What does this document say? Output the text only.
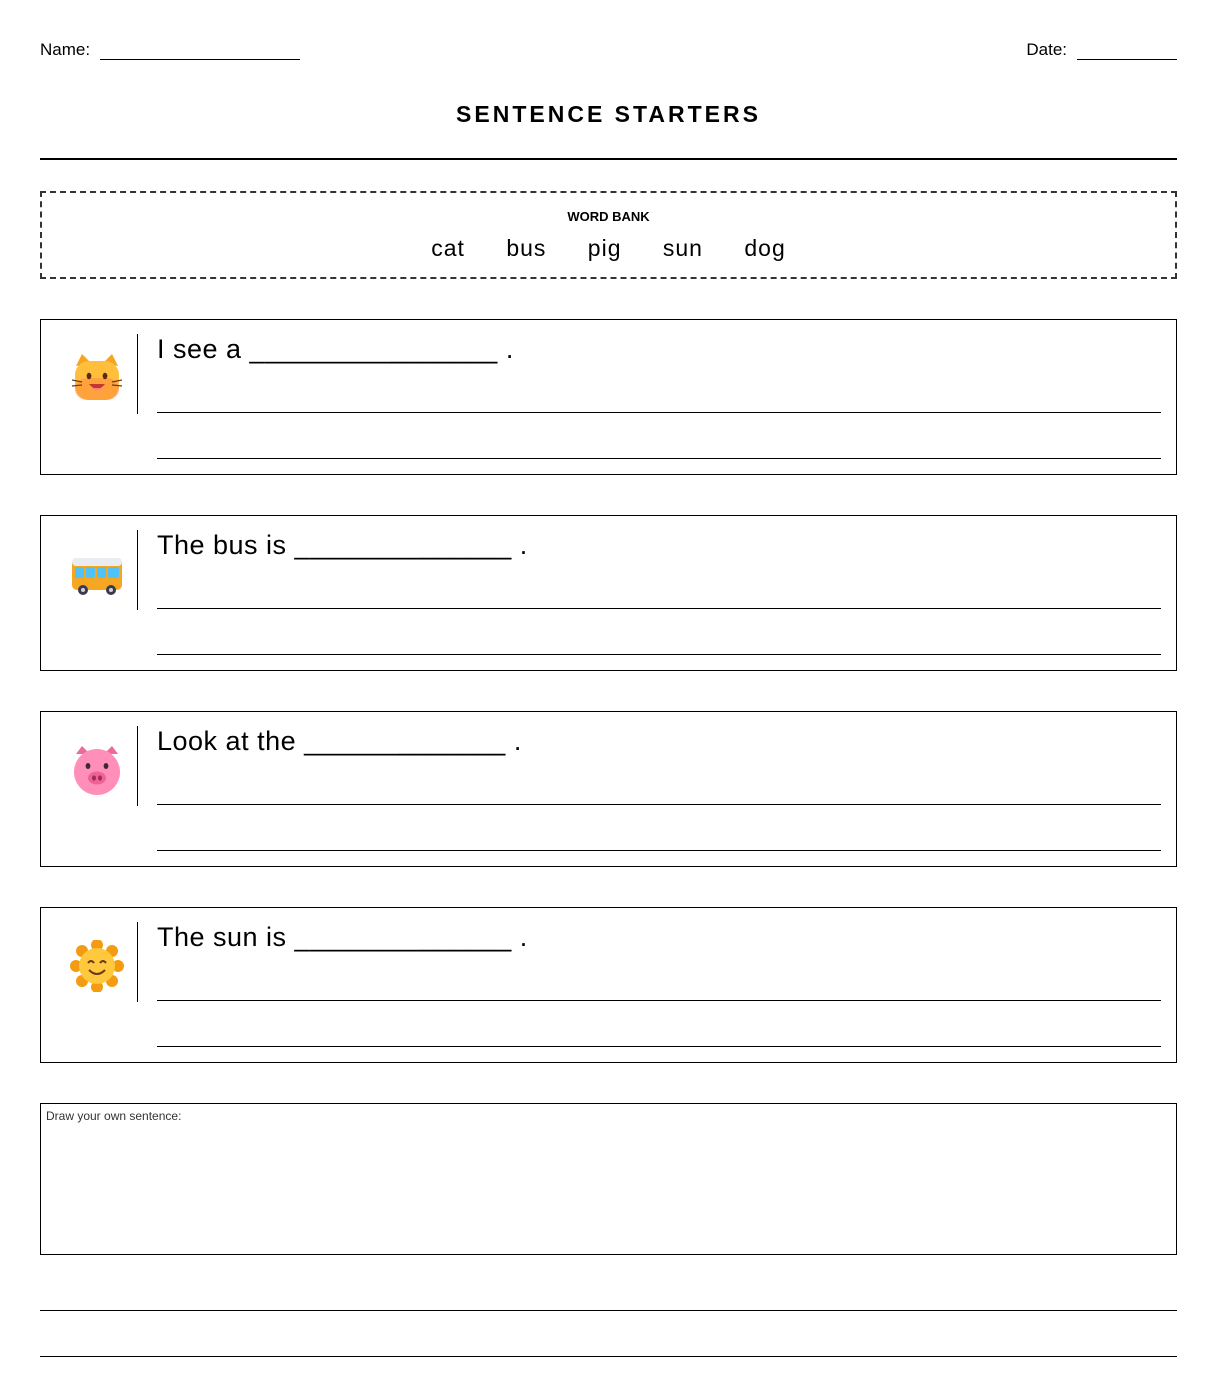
Name:	Date:
SENTENCE STARTERS
WORD BANK
cat bus pig sun dog
I see a ________________ .
The bus is ______________ .
Look at the _____________ .
The sun is ______________ .
Draw your own sentence:
